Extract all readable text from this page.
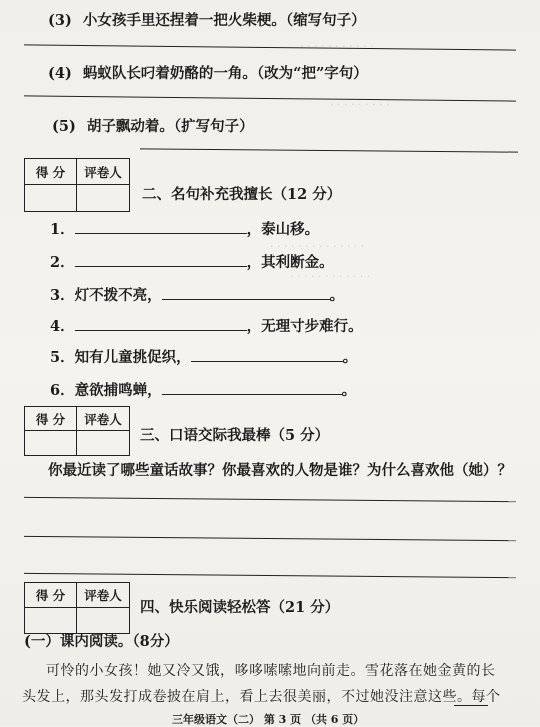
· · · · · · · · · · ·
· · · · · · · · ·
· · · · · · · · · · · · · ·
· · · · · · · · · · · ·
(3) 小女孩手里还捏着一把火柴梗。（缩写句子）
(4) 蚂蚁队长叼着奶酪的一角。（改为“把”字句）
(5) 胡子飘动着。（扩写句子）
得 分	评卷人
二、名句补充我擅长（12 分）
1．	，泰山移。
2．	，其利断金。
3．灯不拨不亮，	。
4．	，无理寸步难行。
5．知有儿童挑促织，	。
6．意欲捕鸣蝉，	。
得 分	评卷人
三、口语交际我最棒（5 分）
你最近读了哪些童话故事？你最喜欢的人物是谁？为什么喜欢他（她）？
得 分	评卷人
四、快乐阅读轻松答（21 分）
(一）课内阅读。（8分）
可怜的小女孩！她又冷又饿，哆哆嗦嗦地向前走。雪花落在她金黄的长
头发上，那头发打成卷披在肩上，看上去很美丽，不过她没注意这些。每个
三年级语文（二） 第 3 页 （共 6 页）
